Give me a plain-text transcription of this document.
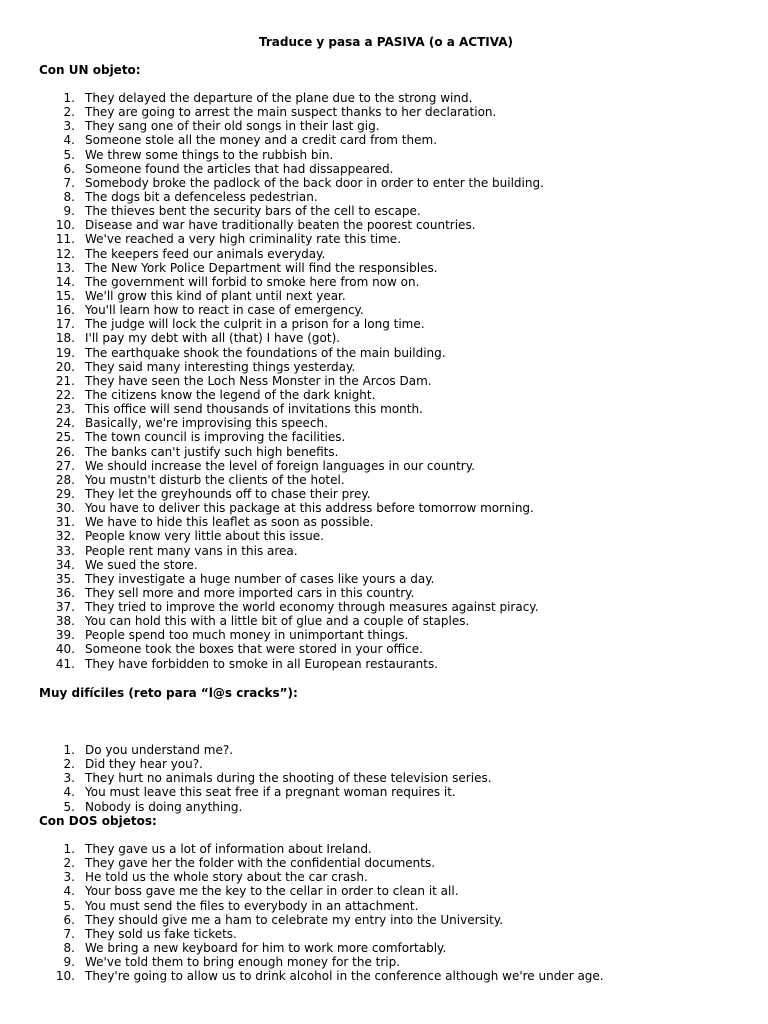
Traduce y pasa a PASIVA (o a ACTIVA)
Con UN objeto:
1. They delayed the departure of the plane due to the strong wind.
2. They are going to arrest the main suspect thanks to her declaration.
3. They sang one of their old songs in their last gig.
4. Someone stole all the money and a credit card from them.
5. We threw some things to the rubbish bin.
6. Someone found the articles that had dissappeared.
7. Somebody broke the padlock of the back door in order to enter the building.
8. The dogs bit a defenceless pedestrian.
9. The thieves bent the security bars of the cell to escape.
10. Disease and war have traditionally beaten the poorest countries.
11. We've reached a very high criminality rate this time.
12. The keepers feed our animals everyday.
13. The New York Police Department will find the responsibles.
14. The government will forbid to smoke here from now on.
15. We'll grow this kind of plant until next year.
16. You'll learn how to react in case of emergency.
17. The judge will lock the culprit in a prison for a long time.
18. I'll pay my debt with all (that) I have (got).
19. The earthquake shook the foundations of the main building.
20. They said many interesting things yesterday.
21. They have seen the Loch Ness Monster in the Arcos Dam.
22. The citizens know the legend of the dark knight.
23. This office will send thousands of invitations this month.
24. Basically, we're improvising this speech.
25. The town council is improving the facilities.
26. The banks can't justify such high benefits.
27. We should increase the level of foreign languages in our country.
28. You mustn't disturb the clients of the hotel.
29. They let the greyhounds off to chase their prey.
30. You have to deliver this package at this address before tomorrow morning.
31. We have to hide this leaflet as soon as possible.
32. People know very little about this issue.
33. People rent many vans in this area.
34. We sued the store.
35. They investigate a huge number of cases like yours a day.
36. They sell more and more imported cars in this country.
37. They tried to improve the world economy through measures against piracy.
38. You can hold this with a little bit of glue and a couple of staples.
39. People spend too much money in unimportant things.
40. Someone took the boxes that were stored in your office.
41. They have forbidden to smoke in all European restaurants.
Muy difíciles (reto para “l@s cracks”):
1. Do you understand me?.
2. Did they hear you?.
3. They hurt no animals during the shooting of these television series.
4. You must leave this seat free if a pregnant woman requires it.
5. Nobody is doing anything.
Con DOS objetos:
1. They gave us a lot of information about Ireland.
2. They gave her the folder with the confidential documents.
3. He told us the whole story about the car crash.
4. Your boss gave me the key to the cellar in order to clean it all.
5. You must send the files to everybody in an attachment.
6. They should give me a ham to celebrate my entry into the University.
7. They sold us fake tickets.
8. We bring a new keyboard for him to work more comfortably.
9. We've told them to bring enough money for the trip.
10. They're going to allow us to drink alcohol in the conference although we're under age.
